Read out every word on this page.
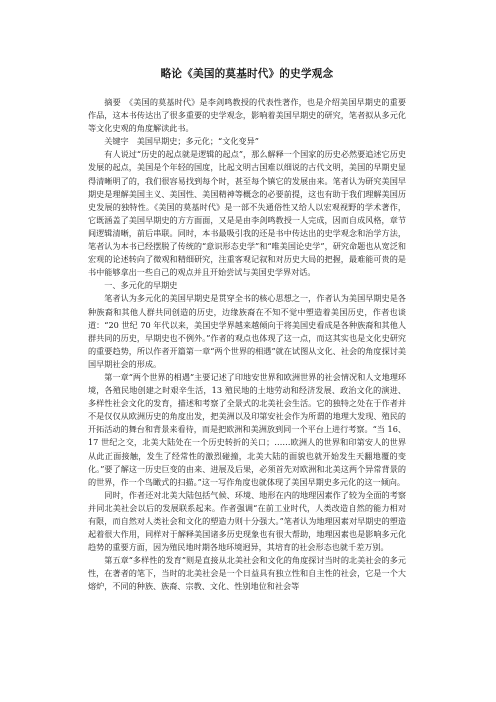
略论《美国的莫基时代》的史学观念

摘要　《美国的莫基时代》是李剑鸣教授的代表性著作，也是介绍美国早期史的重要作品，这本书传达出了很多重要的史学观念，影响着美国早期史的研究，笔者拟从多元化等文化史观的角度解读此书。

关键字　美国早期史；多元化；“文化变异”

有人说过“历史的起点就是逻辑的起点”，那么解释一个国家的历史必然要追述它历史发展的起点，美国是个年轻的国度，比起文明古国难以细说的古代文明，美国的早期史显得清晰明了的，我们很容易找到每个时，甚至每个镇它的发展由来。笔者认为研究美国早期史是理解美国主义、美国性、美国精神等概念的必要前提，这也有助于我们理解美国历史发展的独特性。《美国的莫基时代》是一部不失通俗性又给人以宏观视野的学术著作，它既涵盖了美国早期史的方方面面，又是是由李剑鸣教授一人完成，因而自成风格，章节间逻辑清晰，前后串联。同时，本书最吸引我的还是书中传达出的史学观念和治学方法，笔者认为本书已经摆脱了传统的“意识形态史学”和“唯美国论史学”，研究命题也从宽泛和宏观的论述转向了微观和精细研究，注重客观记叙和对历史大局的把握，最难能可贵的是书中能够拿出一些自己的观点并且开始尝试与美国史学界对话。

一、多元化的早期史

笔者认为多元化的美国早期史是贯穿全书的核心思想之一，作者认为美国早期史是各种族裔和其他人群共同创造的历史，边缘族裔在不知不觉中塑造着美国历史，作者也谈道：“20 世纪 70 年代以来，美国史学界越来越倾向于将美国史看成是各种族裔和其他人群共同的历史，早期史也不例外。”作者的观点也体现了这一点，而这其实也是文化史研究的重要趋势，所以作者开篇第一章“两个世界的相遇”就在试图从文化、社会的角度探讨美国早期社会的形成。

第一章“两个世界的相遇”主要记述了印地安世界和欧洲世界的社会情况和人文地理环境，各殖民地创建之时艰辛生活，13 殖民地的土地劳动和经济发展、政治文化的演进、多样性社会文化的发育，描述和考察了全景式的北美社会生活。它的独特之处在于作者并不是仅仅从欧洲历史的角度出发，把美洲以及印第安社会作为所谓的地理大发现、殖民的开拓活动的舞台和背景来看待，而是把欧洲和美洲放到同一个平台上进行考察。“当 16、17 世纪之交，北美大陆处在一个历史转折的关口；……欧洲人的世界和印第安人的世界从此正面接触，发生了经常性的激烈碰撞，北美大陆的面貌也就开始发生天翻地覆的变化。”要了解这一历史巨变的由来、进展及后果，必须首先对欧洲和北美这两个异常背景的的世界，作一个鸟瞰式的扫描。”这一写作角度也就体现了美国早期史多元化的这一倾向。

同时，作者还对北美大陆包括气候、环境、地形在内的地理因素作了较为全面的考察并同北美社会以后的发展联系起来。作者强调“在前工业时代，人类改造自然的能力相对有限，而自然对人类社会和文化的塑造力则十分强大。”笔者认为地理因素对早期史的塑造起着很大作用，同样对于解释美国诸多历史现象也有很大帮助，地理因素也是影响多元化趋势的重要方面，因为殖民地时期各地环境迥异，其培育的社会形态也就千差万别。

第五章“多样性的发育”则是直接从北美社会和文化的角度探讨当时的北美社会的多元性，在著者的笔下，当时的北美社会是一个日益具有独立性和自主性的社会，它是一个大熔炉，不同的种族、族裔、宗教、文化、性别地位和社会等
